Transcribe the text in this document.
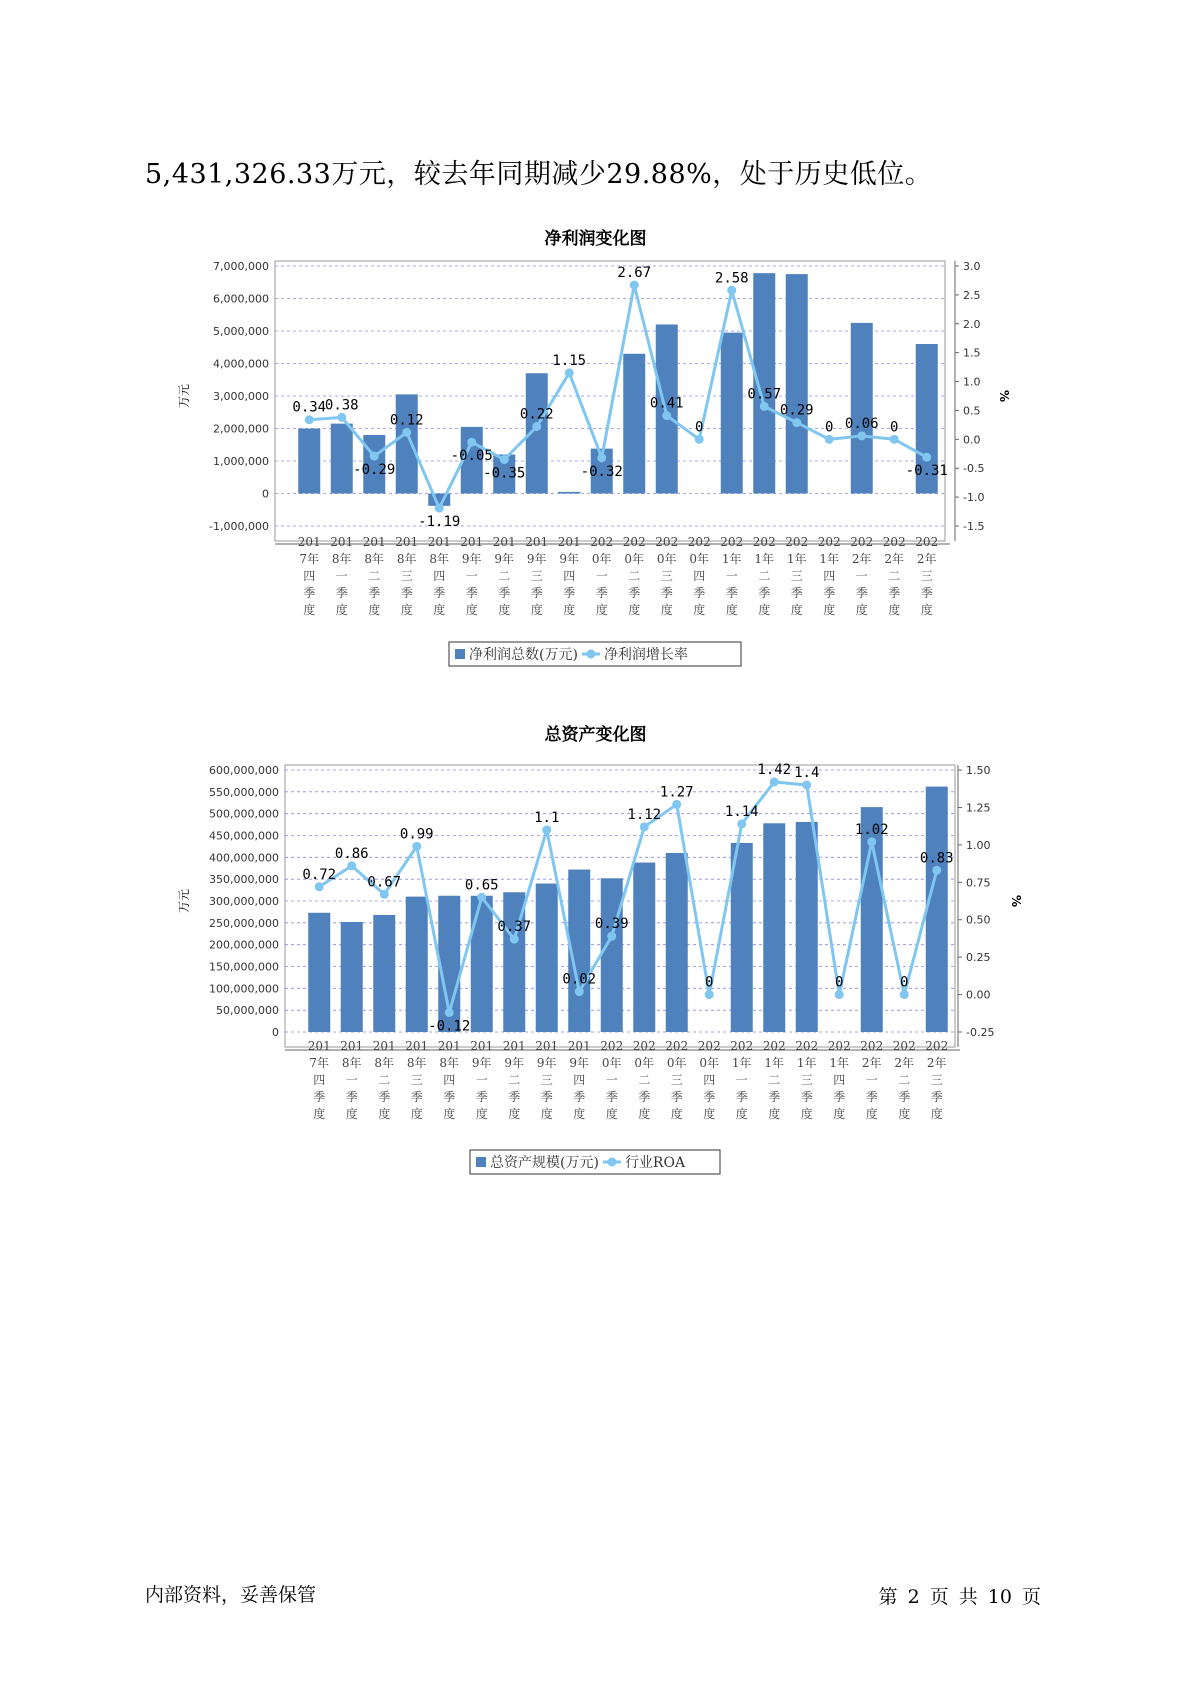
5,431,326.33万元，较去年同期减少29.88%，处于历史低位。
净利润变化图
-1,000,000
0
1,000,000
2,000,000
3,000,000
4,000,000
5,000,000
6,000,000
7,000,000
-1.5
-1.0
-0.5
0.0
0.5
1.0
1.5
2.0
2.5
3.0
万元	%
0.34
0.38
-0.29
0.12
-1.19
-0.05
-0.35
0.22
1.15
-0.32
2.67
0.41
0
2.58
0.57
0.29
0 0.06 0
-0.31
201 7年四季度
201 8年一季度
201 8年二季度
201 8年三季度
201 8年四季度
201 9年一季度
201 9年二季度
201 9年三季度
201 9年四季度
202 0年一季度
202 0年二季度
202 0年三季度
202 0年四季度
202 1年一季度
202 1年二季度
202 1年三季度
202 1年四季度
202 2年一季度
202 2年二季度
202 2年三季度
净利润总数(万元) 净利润增长率
总资产变化图
0
50,000,000
100,000,000
150,000,000
200,000,000
250,000,000
300,000,000
350,000,000
400,000,000
450,000,000
500,000,000
550,000,000
600,000,000
-0.25
0.00
0.25
0.50
0.75
1.00
1.25
1.50
万元	%
0.72
0.86
0.67
0.99
-0.12
0.65
0.37
1.1
0.02
0.39
1.12
1.27
0
1.14
1.42 1.4
0
1.02
0
0.83
201 7年四季度
201 8年一季度
201 8年二季度
201 8年三季度
201 8年四季度
201 9年一季度
201 9年二季度
201 9年三季度
201 9年四季度
202 0年一季度
202 0年二季度
202 0年三季度
202 0年四季度
202 1年一季度
202 1年二季度
202 1年三季度
202 1年四季度
202 2年一季度
202 2年二季度
202 2年三季度
总资产规模(万元) 行业ROA
内部资料，妥善保管	第 2 页 共 10 页
